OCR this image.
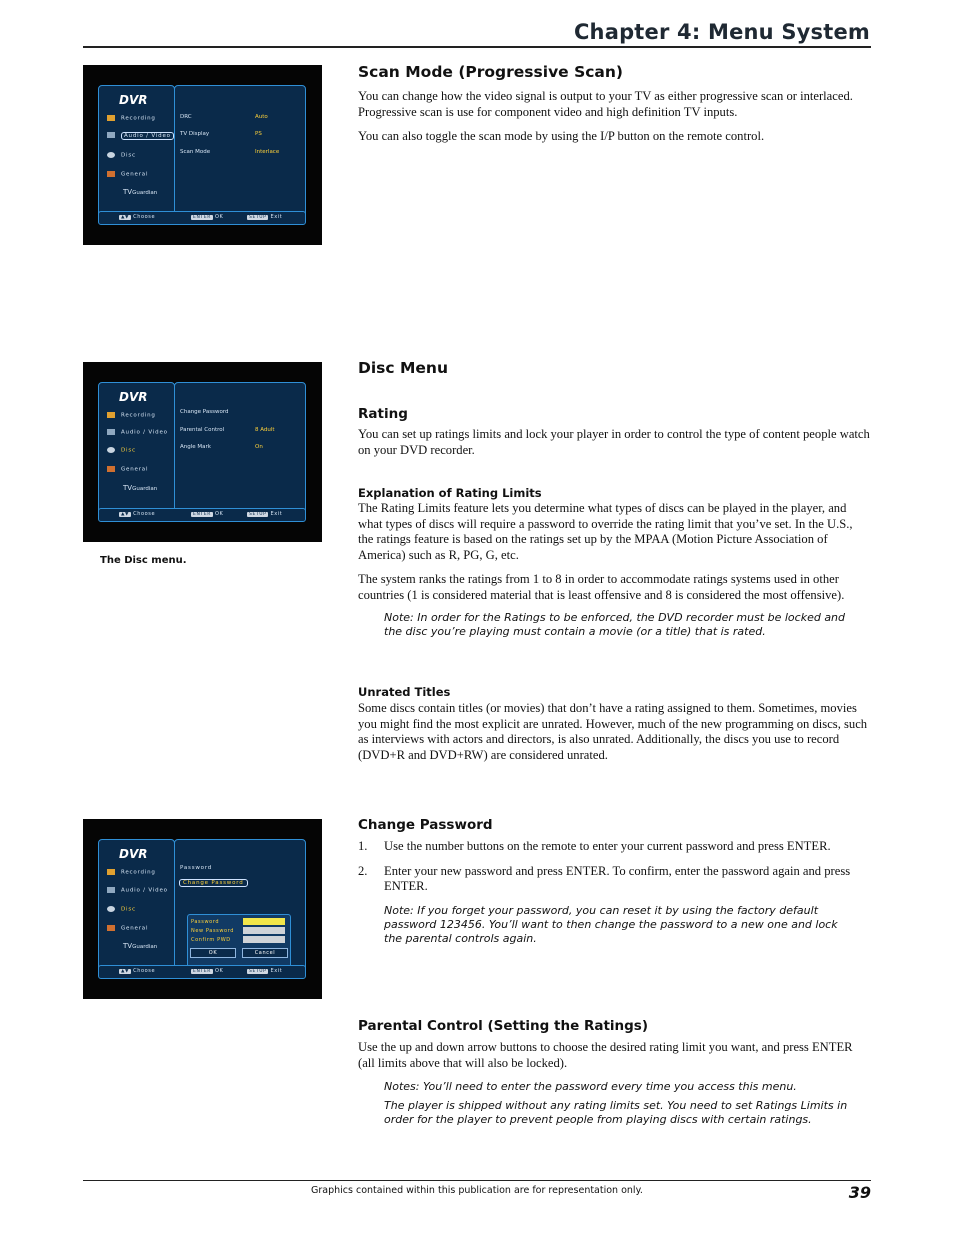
Chapter 4: Menu System
DVR
Recording
Audio / Video
Disc
General
TVGuardian
DRC	Auto
TV Display	PS
Scan Mode	Interlace
▲▼ Choose	ENTER OK	SETUP Exit
Scan Mode (Progressive Scan)
You can change how the video signal is output to your TV as either progressive scan or interlaced. Progressive scan is use for component video and high definition TV inputs.
You can also toggle the scan mode by using the I/P button on the remote control.
DVR
Recording
Audio / Video
Disc
General
TVGuardian
Change Password
Parental Control	8 Adult
Angle Mark	On
▲▼ Choose	ENTER OK	SETUP Exit
The Disc menu.
Disc Menu
Rating
You can set up ratings limits and lock your player in order to control the type of content people watch on your DVD recorder.
Explanation of Rating Limits
The Rating Limits feature lets you determine what types of discs can be played in the player, and what types of discs will require a password to override the rating limit that you’ve set. In the U.S., the ratings feature is based on the ratings set up by the MPAA (Motion Picture Association of America) such as R, PG, G, etc.
The system ranks the ratings from 1 to 8 in order to accommodate ratings systems used in other countries (1 is considered material that is least offensive and 8 is considered the most offensive).
Note: In order for the Ratings to be enforced, the DVD recorder must be locked and the disc you’re playing must contain a movie (or a title) that is rated.
Unrated Titles
Some discs contain titles (or movies) that don’t have a rating assigned to them. Sometimes, movies you might find the most explicit are unrated. However, much of the new programming on discs, such as interviews with actors and directors, is also unrated. Additionally, the discs you use to record (DVD+R and DVD+RW) are considered unrated.
DVR
Recording
Audio / Video
Disc
General
TVGuardian
Password
Change Password
Password
New Password
Confirm PWD
OK	Cancel
▲▼ Choose	ENTER OK	SETUP Exit
Change Password
1. Use the number buttons on the remote to enter your current password and press ENTER.
2. Enter your new password and press ENTER. To confirm, enter the password again and press ENTER.
Note: If you forget your password, you can reset it by using the factory default password 123456. You’ll want to then change the password to a new one and lock the parental controls again.
Parental Control (Setting the Ratings)
Use the up and down arrow buttons to choose the desired rating limit you want, and press ENTER (all limits above that will also be locked).
Notes: You’ll need to enter the password every time you access this menu.
The player is shipped without any rating limits set. You need to set Ratings Limits in order for the player to prevent people from playing discs with certain ratings.
Graphics contained within this publication are for representation only.	39
